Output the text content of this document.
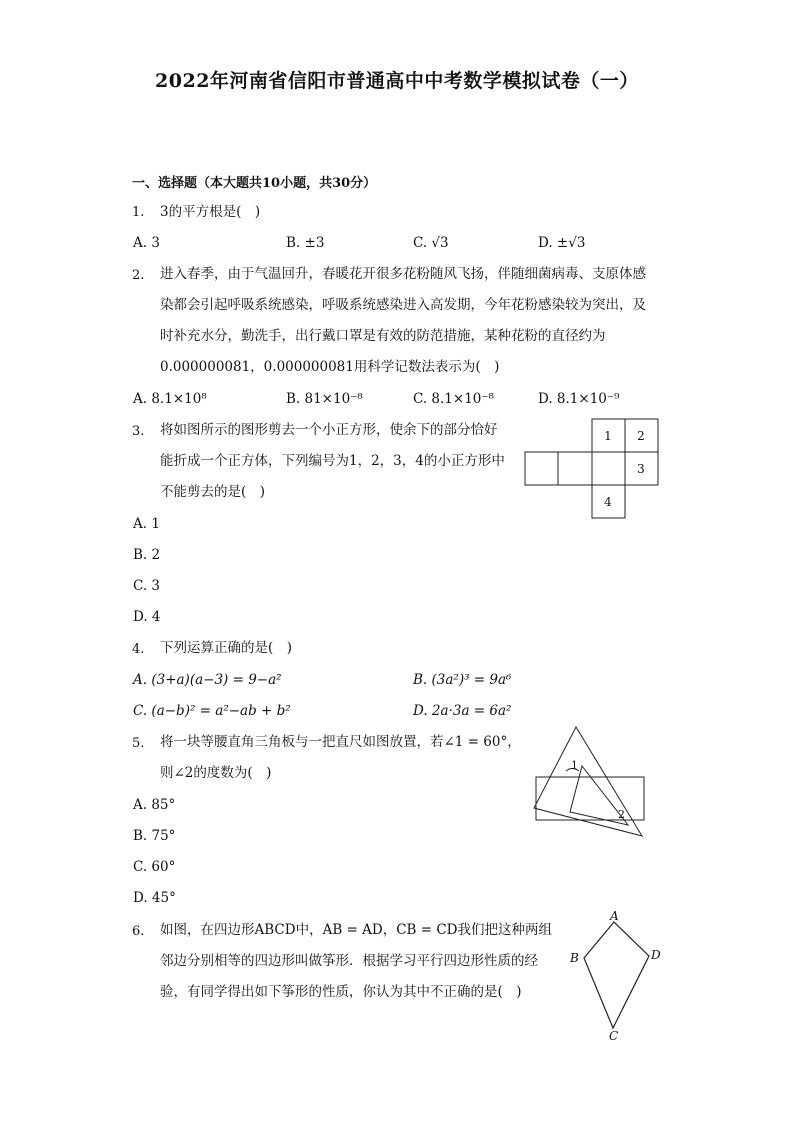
2022年河南省信阳市普通高中中考数学模拟试卷（一）
一、选择题（本大题共10小题，共30分）
1. 3的平方根是(　)
A. 3	B. ±3	C. √3	D. ±√3
2. 进入春季，由于气温回升，春暖花开很多花粉随风飞扬，伴随细菌病毒、支原体感
染都会引起呼吸系统感染，呼吸系统感染进入高发期，今年花粉感染较为突出，及
时补充水分，勤洗手，出行戴口罩是有效的防范措施，某种花粉的直径约为
0.000000081，0.000000081用科学记数法表示为(　)
A. 8.1×10⁸	B. 81×10⁻⁸	C. 8.1×10⁻⁸	D. 8.1×10⁻⁹
3. 将如图所示的图形剪去一个小正方形，使余下的部分恰好
能折成一个正方体，下列编号为1，2，3，4的小正方形中
不能剪去的是(　)
A. 1
B. 2
C. 3
D. 4
1 2
3
4
4. 下列运算正确的是(　)
A. (3+a)(a−3) = 9−a²	B. (3a²)³ = 9a⁶
C. (a−b)² = a²−ab + b²	D. 2a·3a = 6a²
5. 将一块等腰直角三角板与一把直尺如图放置，若∠1 = 60°，
则∠2的度数为(　)
A. 85°
B. 75°
C. 60°
D. 45°
1
2
6. 如图，在四边形ABCD中，AB = AD，CB = CD我们把这种两组
邻边分别相等的四边形叫做筝形．根据学习平行四边形性质的经
验，有同学得出如下筝形的性质，你认为其中不正确的是(　)
A
B
C
D
